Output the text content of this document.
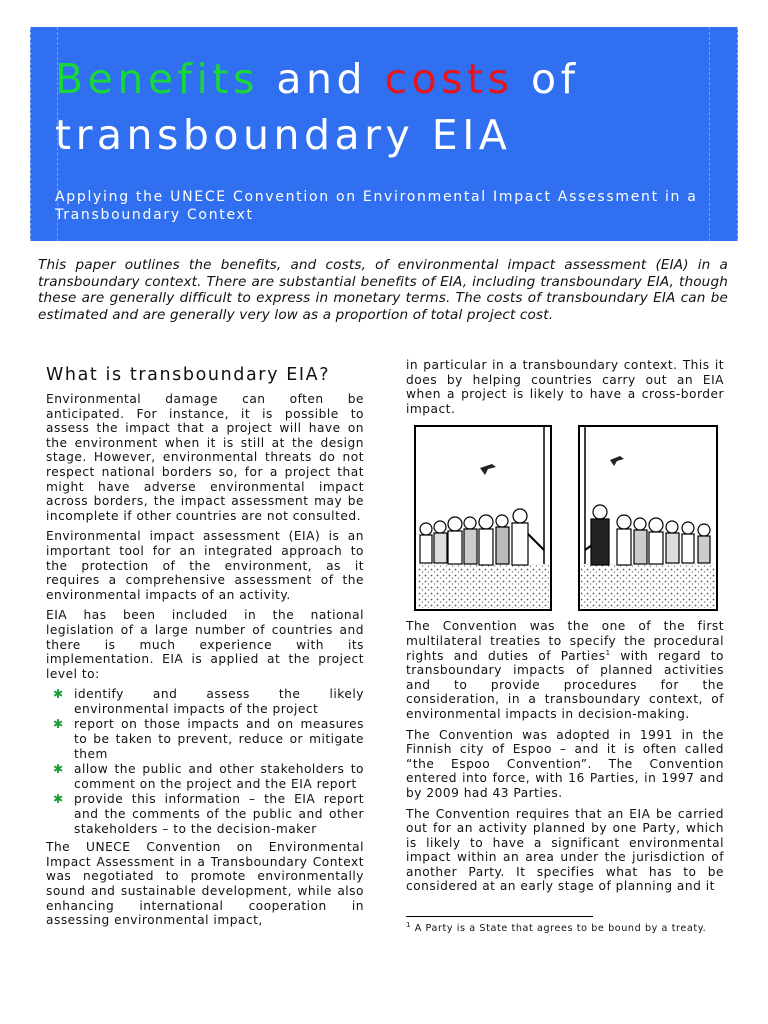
Benefits and costs of
transboundary EIA

Applying the UNECE Convention on Environmental Impact Assessment in a Transboundary Context

This paper outlines the benefits, and costs, of environmental impact assessment (EIA) in a transboundary context. There are substantial benefits of EIA, including transboundary EIA, though these are generally difficult to express in monetary terms. The costs of transboundary EIA can be estimated and are generally very low as a proportion of total project cost.

What is transboundary EIA?

Environmental damage can often be anticipated. For instance, it is possible to assess the impact that a project will have on the environment when it is still at the design stage. However, environmental threats do not respect national borders so, for a project that might have adverse environmental impact across borders, the impact assessment may be incomplete if other countries are not consulted.

Environmental impact assessment (EIA) is an important tool for an integrated approach to the protection of the environment, as it requires a comprehensive assessment of the environmental impacts of an activity.

EIA has been included in the national legislation of a large number of countries and there is much experience with its implementation. EIA is applied at the project level to:

✱ identify and assess the likely environmental impacts of the project
✱ report on those impacts and on measures to be taken to prevent, reduce or mitigate them
✱ allow the public and other stakeholders to comment on the project and the EIA report
✱ provide this information – the EIA report and the comments of the public and other stakeholders – to the decision-maker

The UNECE Convention on Environmental Impact Assessment in a Transboundary Context was negotiated to promote environmentally sound and sustainable development, while also enhancing international cooperation in assessing environmental impact,

in particular in a transboundary context. This it does by helping countries carry out an EIA when a project is likely to have a cross-border impact.

The Convention was the one of the first multilateral treaties to specify the procedural rights and duties of Parties$^1$ with regard to transboundary impacts of planned activities and to provide procedures for the consideration, in a transboundary context, of environmental impacts in decision-making.

The Convention was adopted in 1991 in the Finnish city of Espoo – and it is often called “the Espoo Convention”. The Convention entered into force, with 16 Parties, in 1997 and by 2009 had 43 Parties.

The Convention requires that an EIA be carried out for an activity planned by one Party, which is likely to have a significant environmental impact within an area under the jurisdiction of another Party. It specifies what has to be considered at an early stage of planning and it

$^1$ A Party is a State that agrees to be bound by a treaty.
